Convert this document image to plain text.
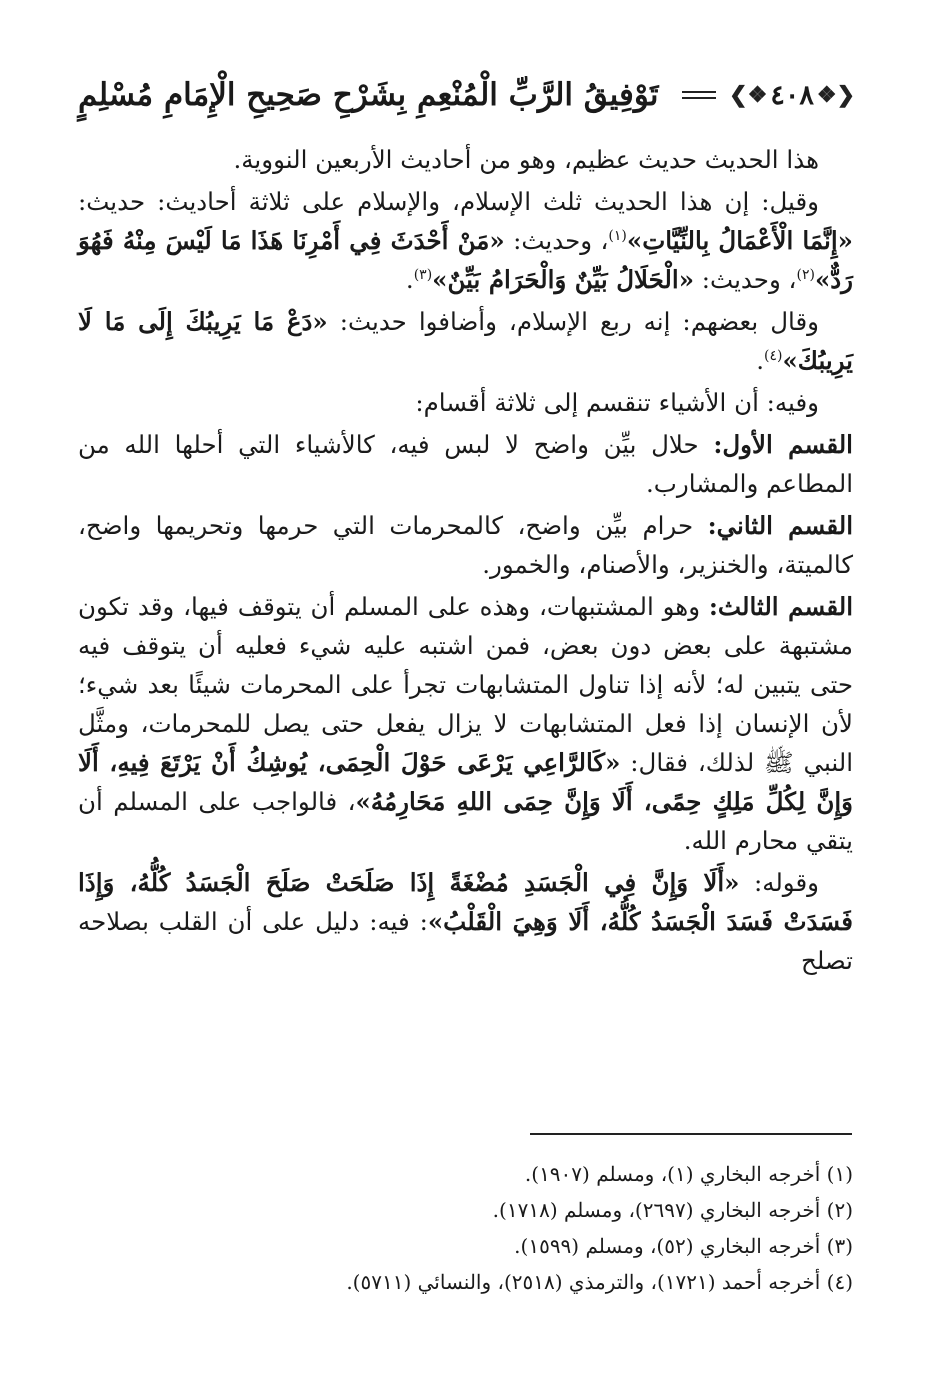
تَوْفِيقُ الرَّبِّ الْمُنْعِمِ بِشَرْحِ صَحِيحِ الْإِمَامِ مُسْلِمٍ	❮❖ ٤٠٨ ❖❯

هذا الحديث حديث عظيم، وهو من أحاديث الأربعين النووية.

وقيل: إن هذا الحديث ثلث الإسلام، والإسلام على ثلاثة أحاديث: حديث: «إِنَّمَا الْأَعْمَالُ بِالنِّيَّاتِ»$^{(١)}$، وحديث: «مَنْ أَحْدَثَ فِي أَمْرِنَا هَذَا مَا لَيْسَ مِنْهُ فَهُوَ رَدٌّ»$^{(٢)}$، وحديث: «الْحَلَالُ بَيِّنٌ وَالْحَرَامُ بَيِّنٌ»$^{(٣)}$.

وقال بعضهم: إنه ربع الإسلام، وأضافوا حديث: «دَعْ مَا يَرِيبُكَ إِلَى مَا لَا يَرِيبُكَ»$^{(٤)}$.

وفيه: أن الأشياء تنقسم إلى ثلاثة أقسام:

القسم الأول: حلال بيِّن واضح لا لبس فيه، كالأشياء التي أحلها الله من المطاعم والمشارب.

القسم الثاني: حرام بيِّن واضح، كالمحرمات التي حرمها وتحريمها واضح، كالميتة، والخنزير، والأصنام، والخمور.

القسم الثالث: وهو المشتبهات، وهذه على المسلم أن يتوقف فيها، وقد تكون مشتبهة على بعض دون بعض، فمن اشتبه عليه شيء فعليه أن يتوقف فيه حتى يتبين له؛ لأنه إذا تناول المتشابهات تجرأ على المحرمات شيئًا بعد شيء؛ لأن الإنسان إذا فعل المتشابهات لا يزال يفعل حتى يصل للمحرمات، ومثَّل النبي ﷺ لذلك، فقال: «كَالرَّاعِي يَرْعَى حَوْلَ الْحِمَى، يُوشِكُ أَنْ يَرْتَعَ فِيهِ، أَلَا وَإِنَّ لِكُلِّ مَلِكٍ حِمًى، أَلَا وَإِنَّ حِمَى اللهِ مَحَارِمُهُ»، فالواجب على المسلم أن يتقي محارم الله.

وقوله: «أَلَا وَإِنَّ فِي الْجَسَدِ مُضْغَةً إِذَا صَلَحَتْ صَلَحَ الْجَسَدُ كُلُّهُ، وَإِذَا فَسَدَتْ فَسَدَ الْجَسَدُ كُلُّهُ، أَلَا وَهِيَ الْقَلْبُ»: فيه: دليل على أن القلب بصلاحه تصلح

(١) أخرجه البخاري (١)، ومسلم (١٩٠٧).

(٢) أخرجه البخاري (٢٦٩٧)، ومسلم (١٧١٨).

(٣) أخرجه البخاري (٥٢)، ومسلم (١٥٩٩).

(٤) أخرجه أحمد (١٧٢١)، والترمذي (٢٥١٨)، والنسائي (٥٧١١).
